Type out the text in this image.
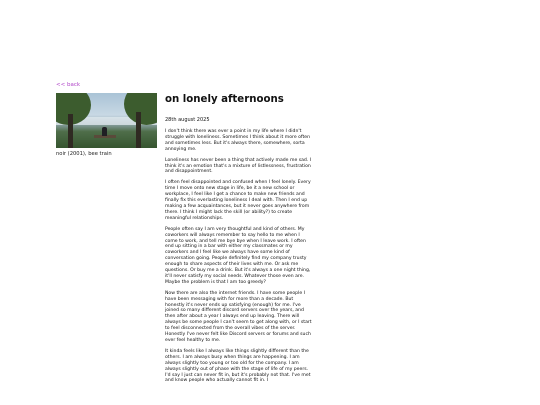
<< back
noir (2001), bee train
on lonely afternoons

28th august 2025

I don't think there was ever a point in my life where I didn't struggle with loneliness. Sometimes I think about it more often and sometimes less. But it's always there, somewhere, sorta annoying me.

Loneliness has never been a thing that actively made me sad. I think it's an emotion that's a mixture of listlessness, frustration and disappointment.

I often feel disappointed and confused when I feel lonely. Every time I move onto new stage in life, be it a new school or workplace, I feel like I get a chance to make new friends and finally fix this everlasting loneliness I deal with. Then I end up making a few acquaintances, but it never goes anywhere from there. I think I might lack the skill (or ability?) to create meaningful relationships.

People often say I am very thoughtful and kind of others. My coworkers will always remember to say hello to me when I come to work, and tell me bye bye when I leave work. I often end up sitting in a bar with either my classmates or my coworkers and I feel like we always have some kind of conversation going. People definitely find my company trusty enough to share aspects of their lives with me. Or ask me questions. Or buy me a drink. But it's always a one night thing, it'll never satisfy my social needs. Whatever those even are. Maybe the problem is that I am too greedy?

Now there are also the internet friends. I have some people I have been messaging with for more than a decade. But honestly it's never ends up satisfying (enough) for me. I've joined so many different discord servers over the years, and then after about a year I always end up leaving. There will always be some people I can't seem to get along with, or I start to feel disconnected from the overall vibes of the server. Honestly I've never felt like Discord servers or forums and such ever feel healthy to me.

It kinda feels like I always like things slightly different than the others. I am always busy when things are happening. I am always slightly too young or too old for the company. I am always slightly out of phase with the stage of life of my peers. I'd say I just can never fit in, but it's probably not that. I've met and know people who actually cannot fit in. I
